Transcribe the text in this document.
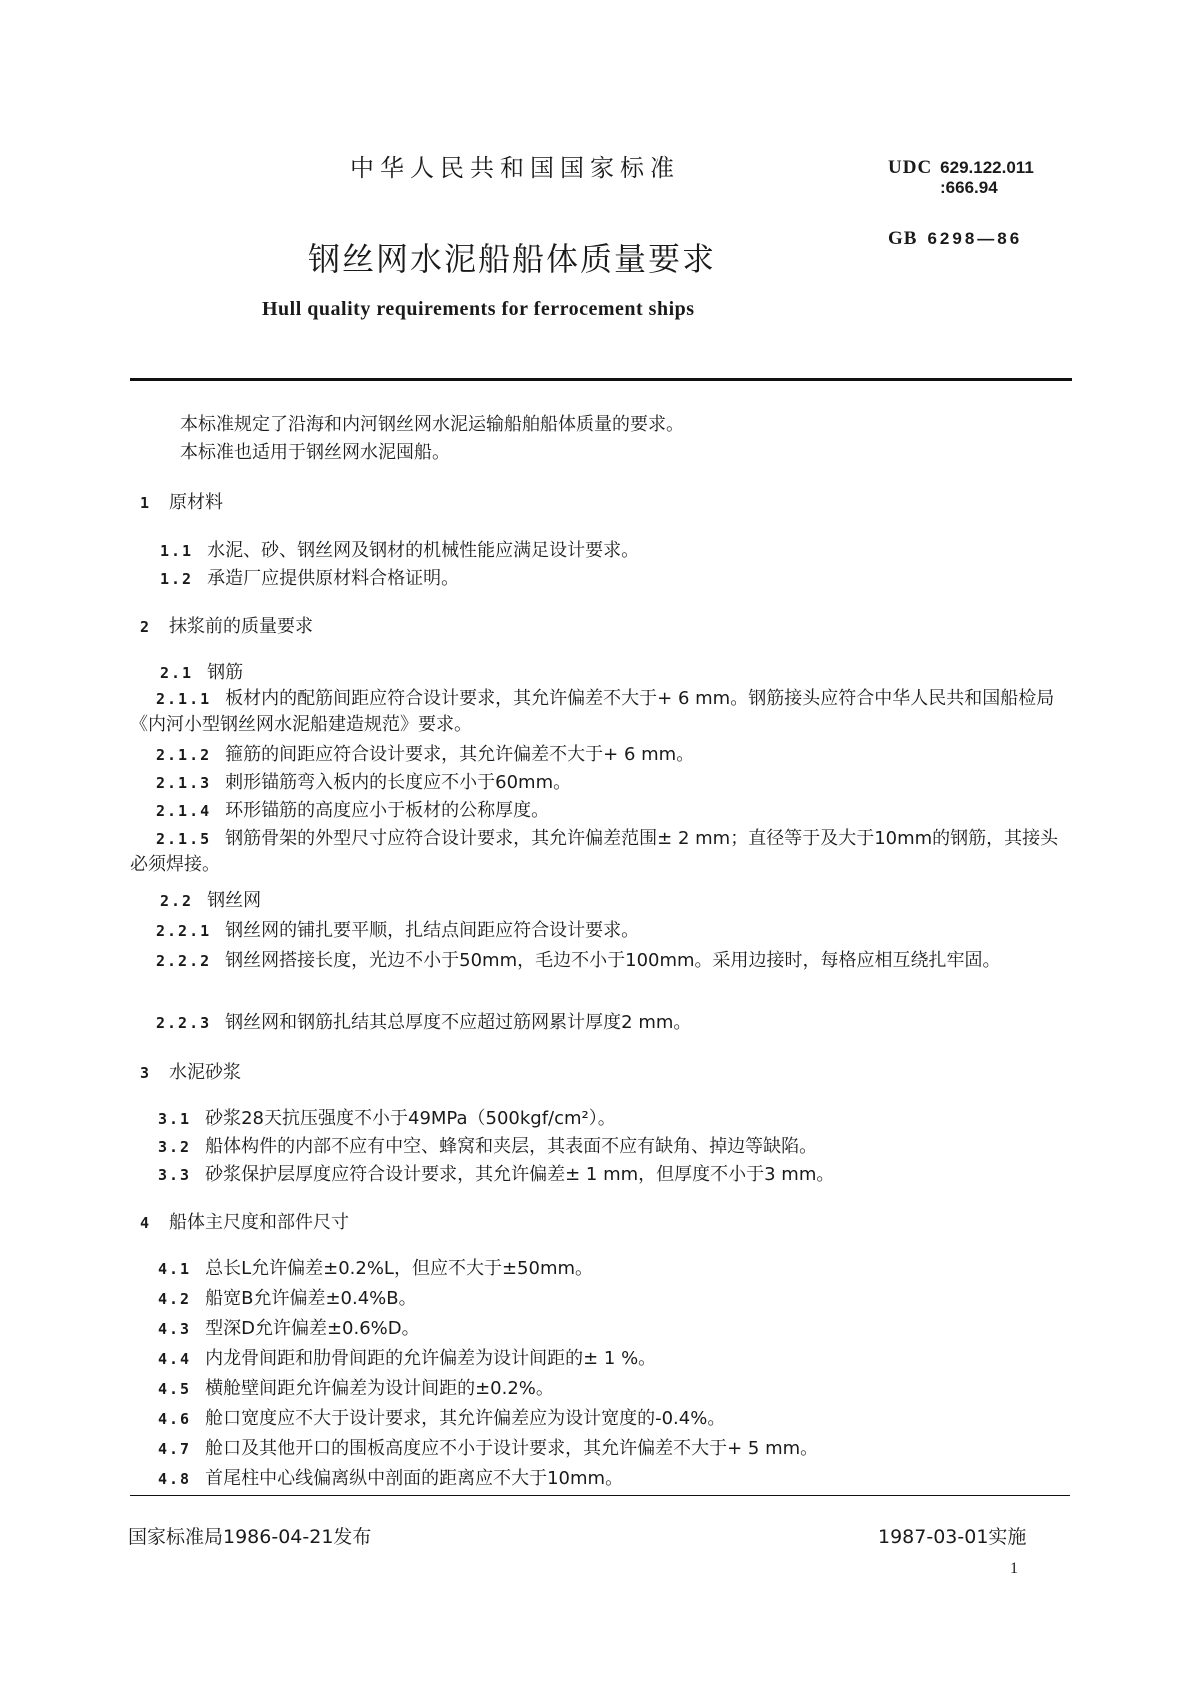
中华人民共和国国家标准	UDC 629.122.011
:666.94
GB 6298—86
钢丝网水泥船船体质量要求
Hull quality requirements for ferrocement ships
本标准规定了沿海和内河钢丝网水泥运输船舶船体质量的要求。
本标准也适用于钢丝网水泥囤船。
1 原材料
1.1 水泥、砂、钢丝网及钢材的机械性能应满足设计要求。
1.2 承造厂应提供原材料合格证明。
2 抹浆前的质量要求
2.1 钢筋
2.1.1 板材内的配筋间距应符合设计要求，其允许偏差不大于+ 6 mm。钢筋接头应符合中华人民共和国船检局《内河小型钢丝网水泥船建造规范》要求。
2.1.2 箍筋的间距应符合设计要求，其允许偏差不大于+ 6 mm。
2.1.3 刺形锚筋弯入板内的长度应不小于60mm。
2.1.4 环形锚筋的高度应小于板材的公称厚度。
2.1.5 钢筋骨架的外型尺寸应符合设计要求，其允许偏差范围± 2 mm；直径等于及大于10mm的钢筋，其接头必须焊接。
2.2 钢丝网
2.2.1 钢丝网的铺扎要平顺，扎结点间距应符合设计要求。
2.2.2 钢丝网搭接长度，光边不小于50mm，毛边不小于100mm。采用边接时，每格应相互绕扎牢固。
2.2.3 钢丝网和钢筋扎结其总厚度不应超过筋网累计厚度2 mm。
3 水泥砂浆
3.1 砂浆28天抗压强度不小于49MPa（500kgf/cm²）。
3.2 船体构件的内部不应有中空、蜂窝和夹层，其表面不应有缺角、掉边等缺陷。
3.3 砂浆保护层厚度应符合设计要求，其允许偏差± 1 mm，但厚度不小于3 mm。
4 船体主尺度和部件尺寸
4.1 总长L允许偏差±0.2%L，但应不大于±50mm。
4.2 船宽B允许偏差±0.4%B。
4.3 型深D允许偏差±0.6%D。
4.4 内龙骨间距和肋骨间距的允许偏差为设计间距的± 1 %。
4.5 横舱壁间距允许偏差为设计间距的±0.2%。
4.6 舱口宽度应不大于设计要求，其允许偏差应为设计宽度的-0.4%。
4.7 舱口及其他开口的围板高度应不小于设计要求，其允许偏差不大于+ 5 mm。
4.8 首尾柱中心线偏离纵中剖面的距离应不大于10mm。
国家标准局1986-04-21发布	1987-03-01实施
1
